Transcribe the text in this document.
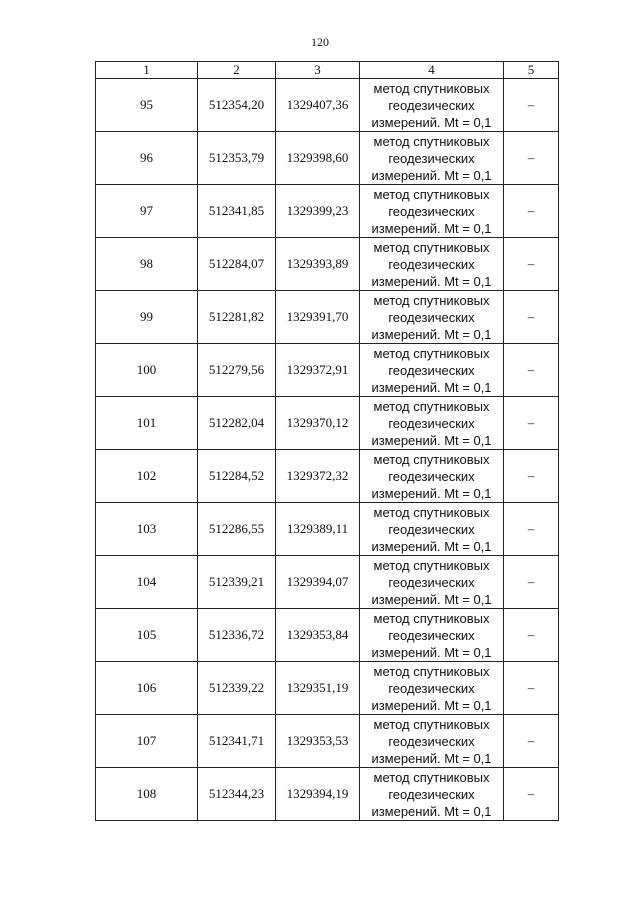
120
1	2	3	4	5
95	512354,20	1329407,36	метод спутниковых
геодезических
измерений. Mt = 0,1	–
96	512353,79	1329398,60	метод спутниковых
геодезических
измерений. Mt = 0,1	–
97	512341,85	1329399,23	метод спутниковых
геодезических
измерений. Mt = 0,1	–
98	512284,07	1329393,89	метод спутниковых
геодезических
измерений. Mt = 0,1	–
99	512281,82	1329391,70	метод спутниковых
геодезических
измерений. Mt = 0,1	–
100	512279,56	1329372,91	метод спутниковых
геодезических
измерений. Mt = 0,1	–
101	512282,04	1329370,12	метод спутниковых
геодезических
измерений. Mt = 0,1	–
102	512284,52	1329372,32	метод спутниковых
геодезических
измерений. Mt = 0,1	–
103	512286,55	1329389,11	метод спутниковых
геодезических
измерений. Mt = 0,1	–
104	512339,21	1329394,07	метод спутниковых
геодезических
измерений. Mt = 0,1	–
105	512336,72	1329353,84	метод спутниковых
геодезических
измерений. Mt = 0,1	–
106	512339,22	1329351,19	метод спутниковых
геодезических
измерений. Mt = 0,1	–
107	512341,71	1329353,53	метод спутниковых
геодезических
измерений. Mt = 0,1	–
108	512344,23	1329394,19	метод спутниковых
геодезических
измерений. Mt = 0,1	–
